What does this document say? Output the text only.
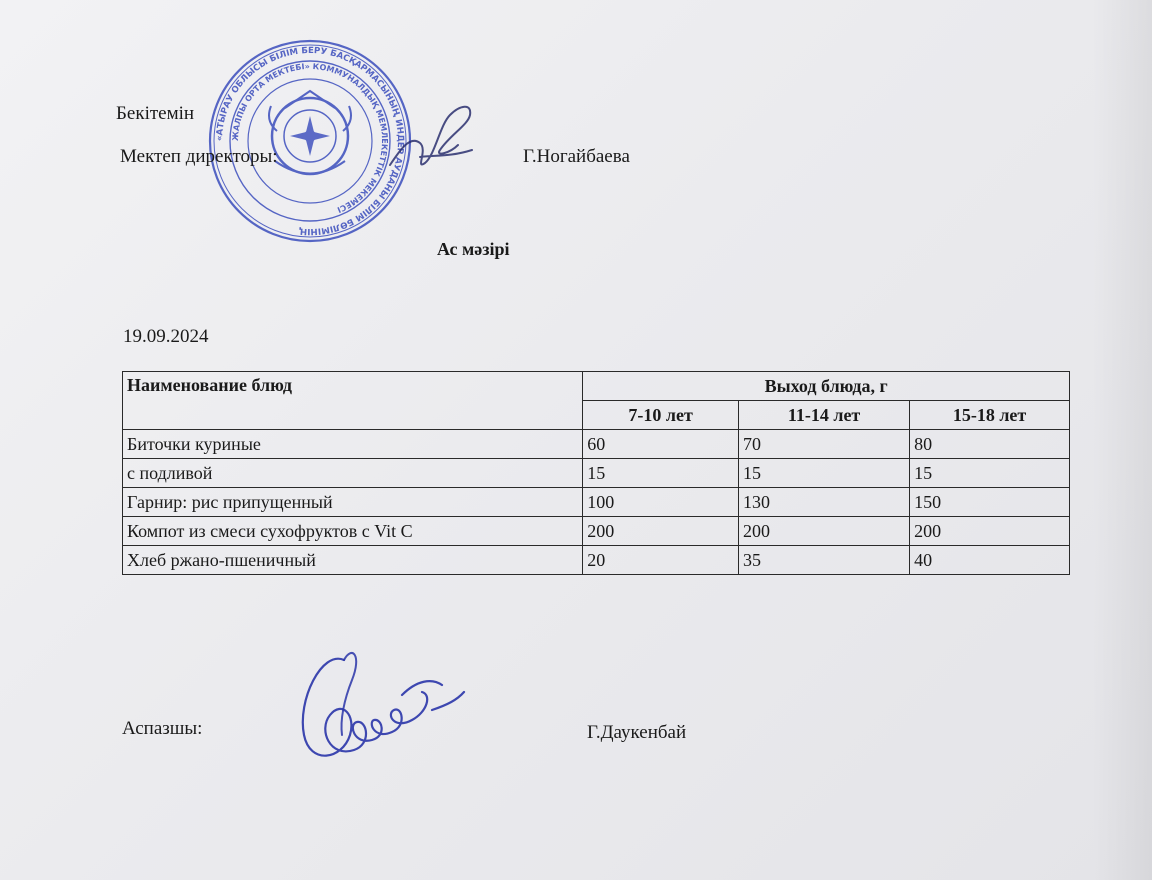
«АТЫРАУ ОБЛЫСЫ БІЛІМ БЕРУ БАСҚАРМАСЫНЫҢ ИНДЕР АУДАНЫ БІЛІМ БӨЛІМІНІҢ
ЖАЛПЫ ОРТА МЕКТЕБІ» КОММУНАЛДЫҚ МЕМЛЕКЕТТІК МЕКЕМЕСІ
Бекітемін
Мектеп директоры:	Г.Ногайбаева
Ас мәзірі
19.09.2024
Наименование блюд	Выход блюда, г		
	7-10 лет	11-14 лет	15-18 лет
Биточки куриные	60	70	80
с подливой	15	15	15
Гарнир: рис припущенный	100	130	150
Компот из смеси сухофруктов с Vit C	200	200	200
Хлеб ржано-пшеничный	20	35	40
Аспазшы:	Г.Даукенбай
